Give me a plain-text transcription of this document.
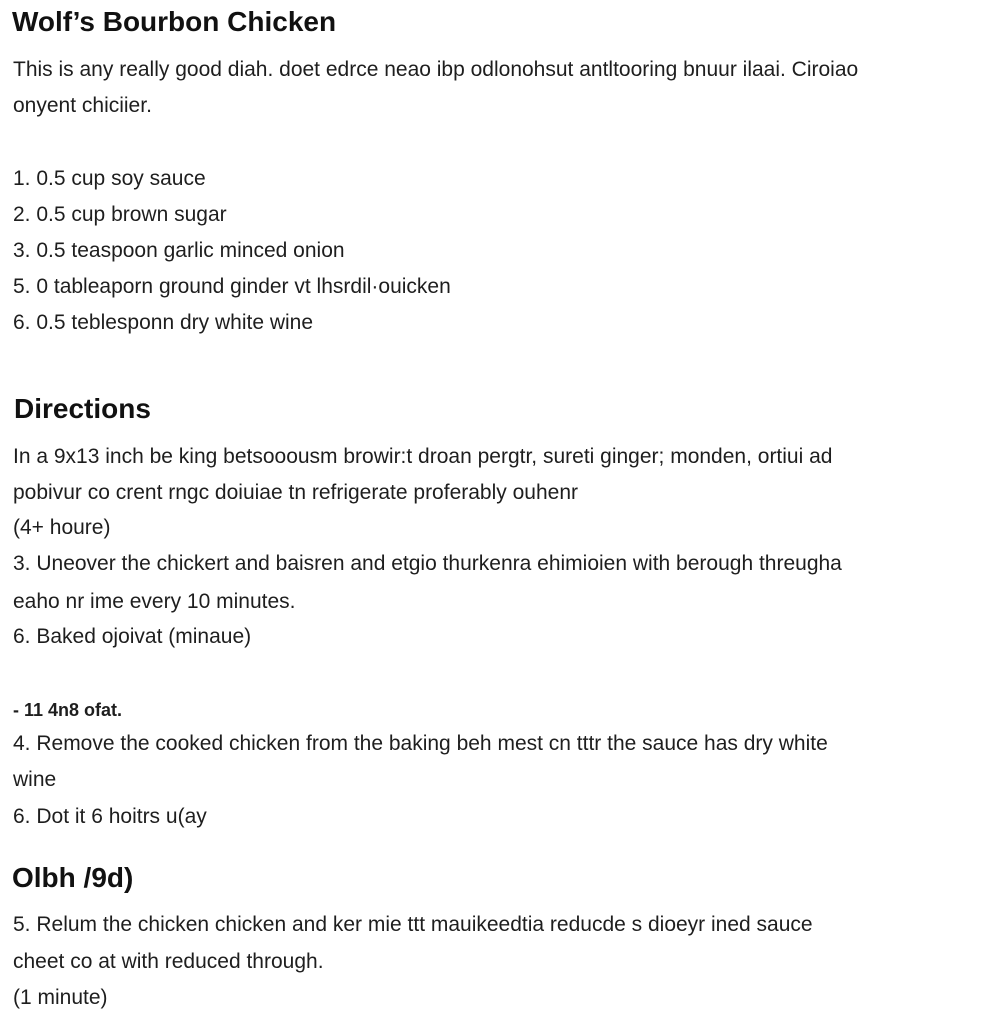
Wolf’s Bourbon Chicken
This is any really good diah. doet edrce neao ibp odlonohsut antltooring bnuur ilaai. Ciroiao
onyent chiciier.
1. 0.5 cup soy sauce
2. 0.5 cup brown sugar
3. 0.5 teaspoon garlic minced onion
5. 0 tableaporn ground ginder vt lhsrdil·ouicken
6. 0.5 teblesponn dry white wine
Directions
In a 9x13 inch be king betsooousm browir:t droan pergtr, sureti ginger; monden, ortiui ad
pobivur co crent rngc doiuiae tn refrigerate proferably ouhenr
(4+ houre)
3. Uneover the chickert and baisren and etgio thurkenra ehimioien with berough threugha
eaho nr ime every 10 minutes.
6. Baked ojoivat (minaue)
- 11 4n8 ofat.
4. Remove the cooked chicken from the baking beh mest cn tttr the sauce has dry white
wine
6. Dot it 6 hoitrs u(ay
Olbh /9d)
5. Relum the chicken chicken and ker mie ttt mauikeedtia reducde s dioeyr ined sauce
cheet co at with reduced through.
(1 minute)
